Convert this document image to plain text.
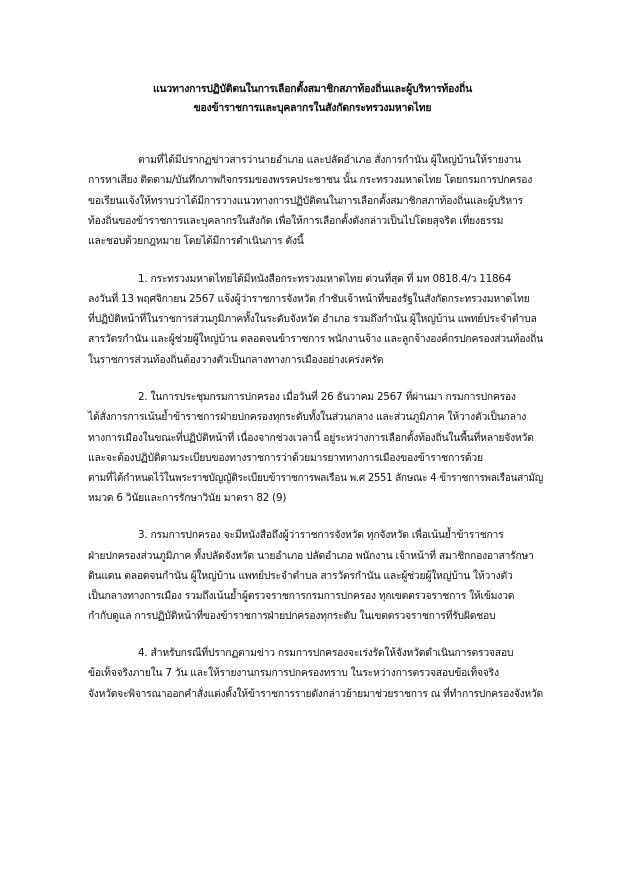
แนวทางการปฏิบัติตนในการเลือกตั้งสมาชิกสภาท้องถิ่นและผู้บริหารท้องถิ่น
ของข้าราชการและบุคลากรในสังกัดกระทรวงมหาดไทย
ตามที่ได้มีปรากฏข่าวสารว่านายอำเภอ และปลัดอำเภอ สั่งการกำนัน ผู้ใหญ่บ้านให้รายงาน
การหาเสียง ติดตาม/บันทึกภาพกิจกรรมของพรรคประชาชน นั้น กระทรวงมหาดไทย โดยกรมการปกครอง
ขอเรียนแจ้งให้ทราบว่าได้มีการวางแนวทางการปฏิบัติตนในการเลือกตั้งสมาชิกสภาท้องถิ่นและผู้บริหาร
ท้องถิ่นของข้าราชการและบุคลากรในสังกัด เพื่อให้การเลือกตั้งดังกล่าวเป็นไปโดยสุจริต เที่ยงธรรม
และชอบด้วยกฎหมาย โดยได้มีการดำเนินการ ดังนี้
1. กระทรวงมหาดไทยได้มีหนังสือกระทรวงมหาดไทย ด่วนที่สุด ที่ มท 0818.4/ว 11864
ลงวันที่ 13 พฤศจิกายน 2567 แจ้งผู้ว่าราชการจังหวัด กำชับเจ้าหน้าที่ของรัฐในสังกัดกระทรวงมหาดไทย
ที่ปฏิบัติหน้าที่ในราชการส่วนภูมิภาคทั้งในระดับจังหวัด อำเภอ รวมถึงกำนัน ผู้ใหญ่บ้าน แพทย์ประจำตำบล
สารวัตรกำนัน และผู้ช่วยผู้ใหญ่บ้าน ตลอดจนข้าราชการ พนักงานจ้าง และลูกจ้างองค์กรปกครองส่วนท้องถิ่น
ในราชการส่วนท้องถิ่นต้องวางตัวเป็นกลางทางการเมืองอย่างเคร่งครัด
2. ในการประชุมกรมการปกครอง เมื่อวันที่ 26 ธันวาคม 2567 ที่ผ่านมา กรมการปกครอง
ได้สั่งการการเน้นย้ำข้าราชการฝ่ายปกครองทุกระดับทั้งในส่วนกลาง และส่วนภูมิภาค ให้วางตัวเป็นกลาง
ทางการเมืองในขณะที่ปฏิบัติหน้าที่ เนื่องจากช่วงเวลานี้ อยู่ระหว่างการเลือกตั้งท้องถิ่นในพื้นที่หลายจังหวัด
และจะต้องปฏิบัติตามระเบียบของทางราชการว่าด้วยมารยาททางการเมืองของข้าราชการด้วย
ตามที่ได้กำหนดไว้ในพระราชบัญญัติระเบียบข้าราชการพลเรือน พ.ศ 2551 ลักษณะ 4 ข้าราชการพลเรือนสามัญ
หมวด 6 วินัยและการรักษาวินัย มาตรา 82 (9)
3. กรมการปกครอง จะมีหนังสือถึงผู้ว่าราชการจังหวัด ทุกจังหวัด เพื่อเน้นย้ำข้าราชการ
ฝ่ายปกครองส่วนภูมิภาค ทั้งปลัดจังหวัด นายอำเภอ ปลัดอำเภอ พนักงาน เจ้าหน้าที่ สมาชิกกองอาสารักษา
ดินแดน ตลอดจนกำนัน ผู้ใหญ่บ้าน แพทย์ประจำตำบล สารวัตรกำนัน และผู้ช่วยผู้ใหญ่บ้าน ให้วางตัว
เป็นกลางทางการเมือง รวมถึงเน้นย้ำผู้ตรวจราชการกรมการปกครอง ทุกเขตตรวจราชการ ให้เข้มงวด
กำกับดูแล การปฏิบัติหน้าที่ของข้าราชการฝ่ายปกครองทุกระดับ ในเขตตรวจราชการที่รับผิดชอบ
4. สำหรับกรณีที่ปรากฏตามข่าว กรมการปกครองจะเร่งรัดให้จังหวัดดำเนินการตรวจสอบ
ข้อเท็จจริงภายใน 7 วัน และให้รายงานกรมการปกครองทราบ ในระหว่างการตรวจสอบข้อเท็จจริง
จังหวัดจะพิจารณาออกคำสั่งแต่งตั้งให้ข้าราชการรายดังกล่าวย้ายมาช่วยราชการ ณ ที่ทำการปกครองจังหวัด
